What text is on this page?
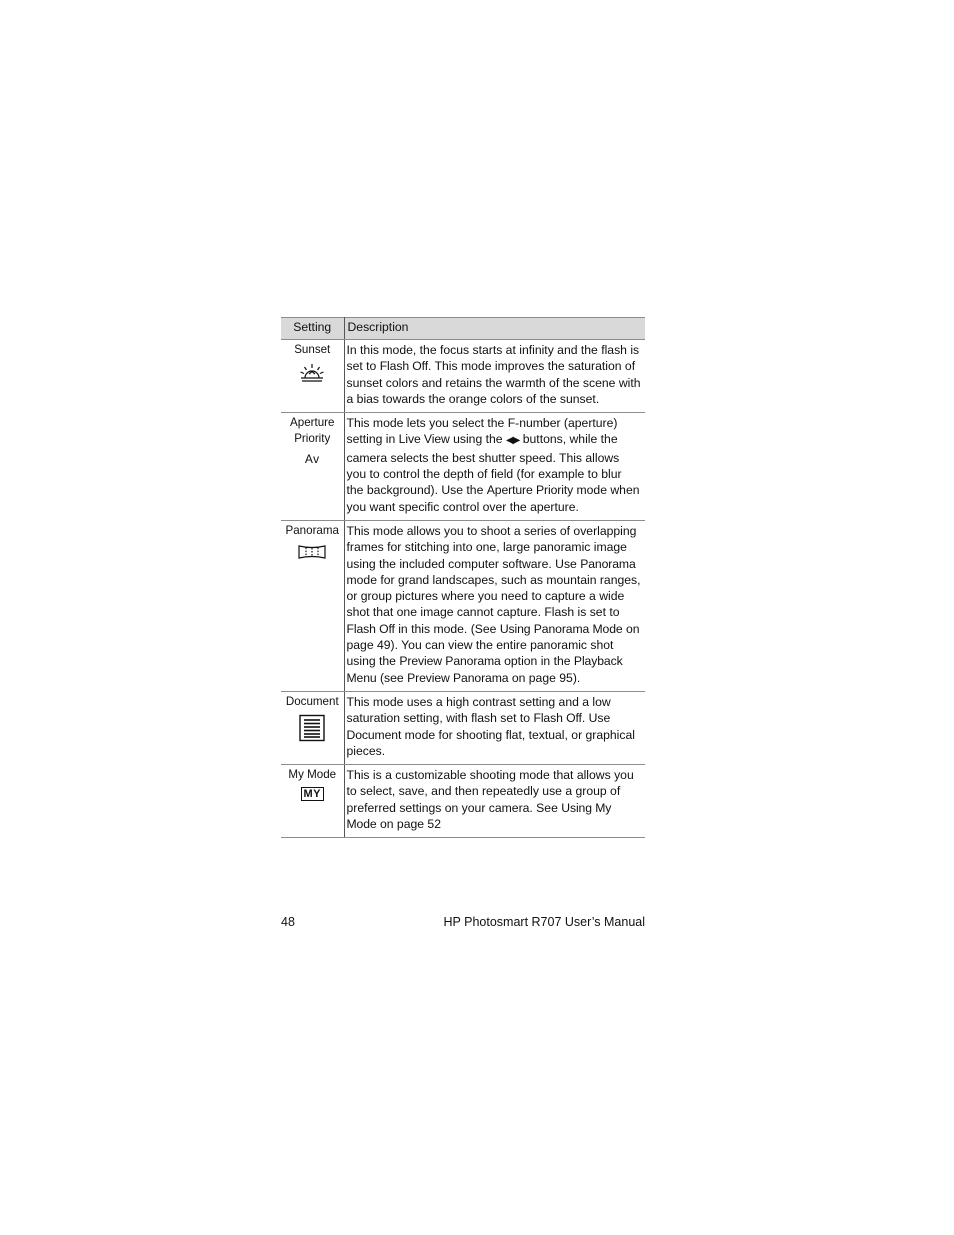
Setting	Description

Sunset	In this mode, the focus starts at infinity and the flash is set to Flash Off. This mode improves the saturation of sunset colors and retains the warmth of the scene with a bias towards the orange colors of the sunset.

Aperture Priority
Av	This mode lets you select the F-number (aperture) setting in Live View using the ◀▶ buttons, while the camera selects the best shutter speed. This allows you to control the depth of field (for example to blur the background). Use the Aperture Priority mode when you want specific control over the aperture.

Panorama	This mode allows you to shoot a series of overlapping frames for stitching into one, large panoramic image using the included computer software. Use Panorama mode for grand landscapes, such as mountain ranges, or group pictures where you need to capture a wide shot that one image cannot capture. Flash is set to Flash Off in this mode. (See Using Panorama Mode on page 49). You can view the entire panoramic shot using the Preview Panorama option in the Playback Menu (see Preview Panorama on page 95).

Document	This mode uses a high contrast setting and a low saturation setting, with flash set to Flash Off. Use Document mode for shooting flat, textual, or graphical pieces.

My Mode
MY	This is a customizable shooting mode that allows you to select, save, and then repeatedly use a group of preferred settings on your camera. See Using My Mode on page 52
48	HP Photosmart R707 User’s Manual
